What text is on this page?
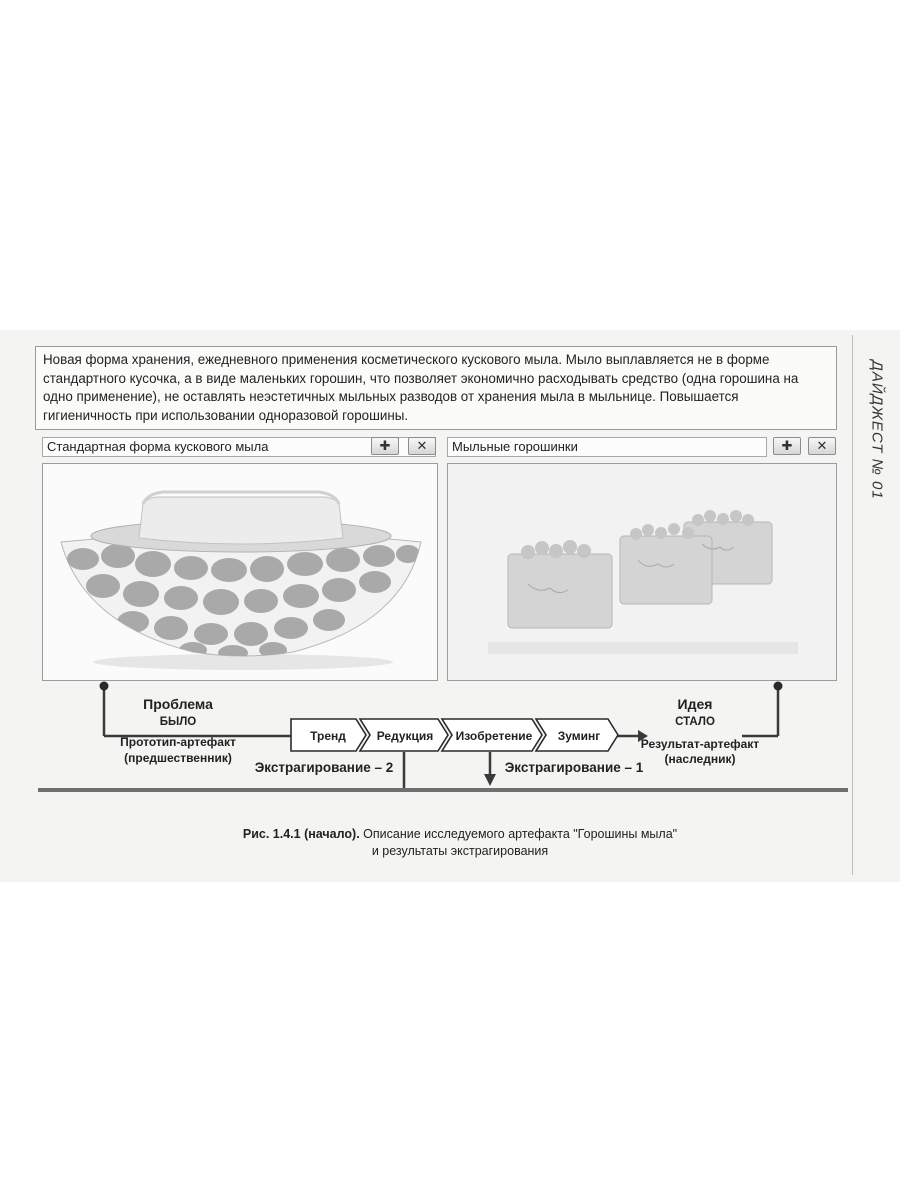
ДАЙДЖЕСТ № 01
Новая форма хранения, ежедневного применения косметического кускового мыла. Мыло выплавляется не в форме стандартного кусочка, а в виде маленьких горошин, что позволяет экономично расходывать средство (одна горошина на одно применение), не оставлять неэстетичных мыльных разводов от хранения мыла в мыльнице. Повышается гигиеничность при использовании одноразовой горошины.
Стандартная форма кускового мыла	✚	✕	Мыльные горошинки	✚	✕
Тренд	Редукция	Изобретение	Зуминг
Проблема
БЫЛО
Прототип-артефакт
(предшественник)
Идея
СТАЛО
Результат-артефакт
(наследник)
Экстрагирование – 2	Экстрагирование – 1
Рис. 1.4.1 (начало). Описание исследуемого артефакта "Горошины мыла"
и результаты экстрагирования
